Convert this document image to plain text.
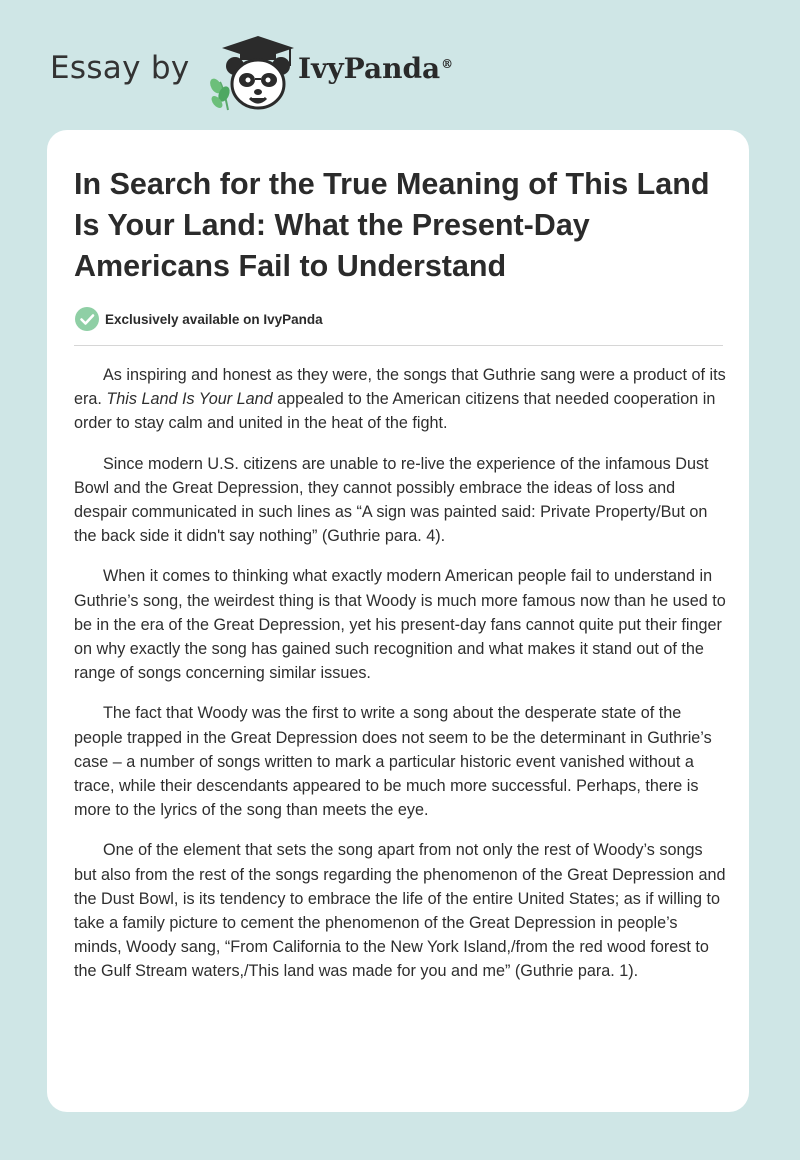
Essay by	IvyPanda®
In Search for the True Meaning of This Land Is Your Land: What the Present-Day Americans Fail to Understand
Exclusively available on IvyPanda

As inspiring and honest as they were, the songs that Guthrie sang were a product of its era. This Land Is Your Land appealed to the American citizens that needed cooperation in order to stay calm and united in the heat of the fight.

Since modern U.S. citizens are unable to re-live the experience of the infamous Dust Bowl and the Great Depression, they cannot possibly embrace the ideas of loss and despair communicated in such lines as “A sign was painted said: Private Property/But on the back side it didn't say nothing” (Guthrie para. 4).

When it comes to thinking what exactly modern American people fail to understand in Guthrie’s song, the weirdest thing is that Woody is much more famous now than he used to be in the era of the Great Depression, yet his present-day fans cannot quite put their finger on why exactly the song has gained such recognition and what makes it stand out of the range of songs concerning similar issues.

The fact that Woody was the first to write a song about the desperate state of the people trapped in the Great Depression does not seem to be the determinant in Guthrie’s case – a number of songs written to mark a particular historic event vanished without a trace, while their descendants appeared to be much more successful. Perhaps, there is more to the lyrics of the song than meets the eye.

One of the element that sets the song apart from not only the rest of Woody’s songs but also from the rest of the songs regarding the phenomenon of the Great Depression and the Dust Bowl, is its tendency to embrace the life of the entire United States; as if willing to take a family picture to cement the phenomenon of the Great Depression in people’s minds, Woody sang, “From California to the New York Island,/from the red wood forest to the Gulf Stream waters,/This land was made for you and me” (Guthrie para. 1).
